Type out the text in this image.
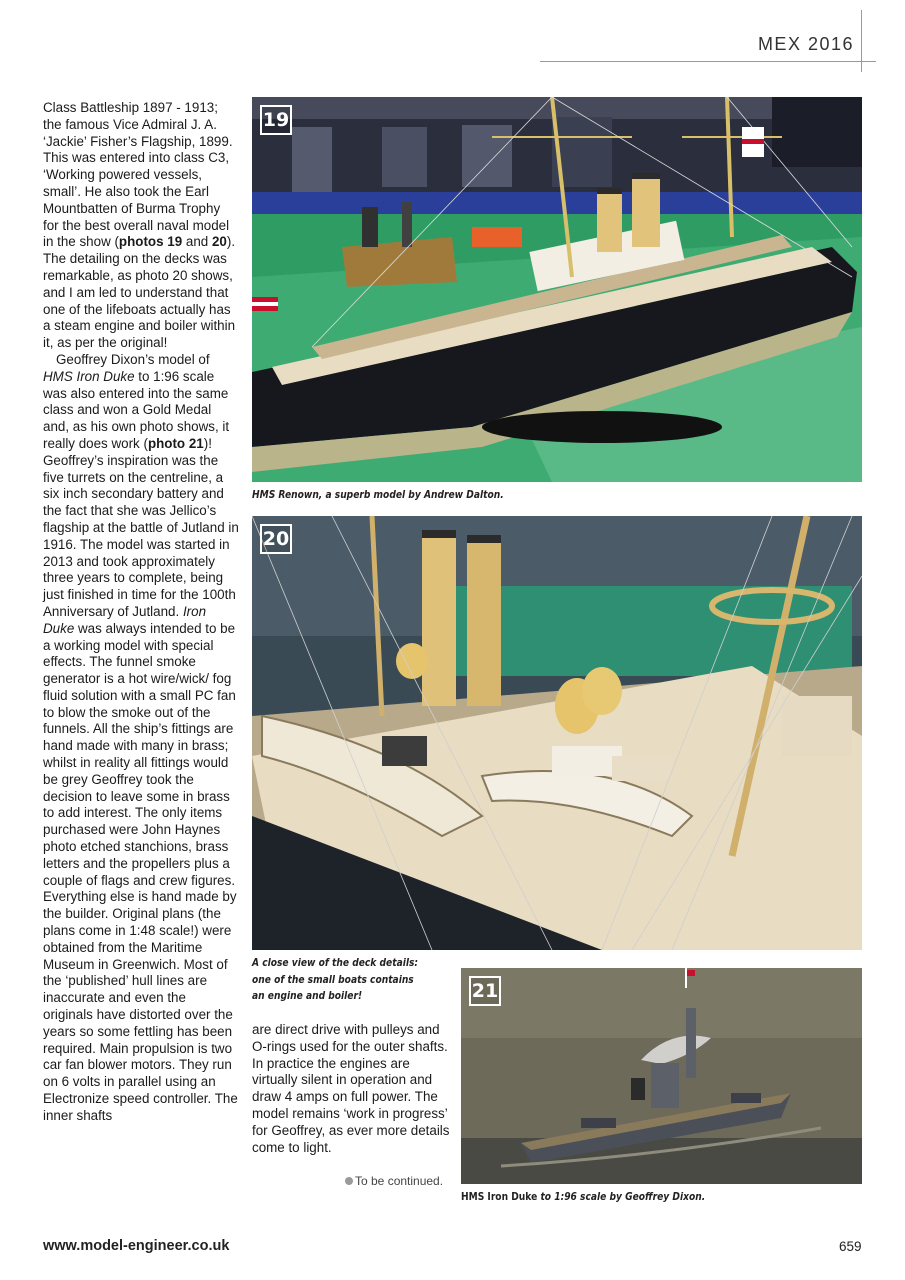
MEX 2016

Class Battleship 1897 - 1913; the famous Vice Admiral J. A. ‘Jackie’ Fisher’s Flagship, 1899. This was entered into class C3, ‘Working powered vessels, small’. He also took the Earl Mountbatten of Burma Trophy for the best overall naval model in the show (photos 19 and 20). The detailing on the decks was remarkable, as photo 20 shows, and I am led to understand that one of the lifeboats actually has a steam engine and boiler within it, as per the original!

Geoffrey Dixon’s model of HMS Iron Duke to 1:96 scale was also entered into the same class and won a Gold Medal and, as his own photo shows, it really does work (photo 21)! Geoffrey’s inspiration was the five turrets on the centreline, a six inch secondary battery and the fact that she was Jellico’s flagship at the battle of Jutland in 1916. The model was started in 2013 and took approximately three years to complete, being just finished in time for the 100th Anniversary of Jutland. Iron Duke was always intended to be a working model with special effects. The funnel smoke generator is a hot wire/wick/ fog fluid solution with a small PC fan to blow the smoke out of the funnels. All the ship’s fittings are hand made with many in brass; whilst in reality all fittings would be grey Geoffrey took the decision to leave some in brass to add interest. The only items purchased were John Haynes photo etched stanchions, brass letters and the propellers plus a couple of flags and crew figures. Everything else is hand made by the builder. Original plans (the plans come in 1:48 scale!) were obtained from the Maritime Museum in Greenwich. Most of the ‘published’ hull lines are inaccurate and even the originals have distorted over the years so some fettling has been required. Main propulsion is two car fan blower motors. They run on 6 volts in parallel using an Electronize speed controller. The inner shafts

19
HMS Renown, a superb model by Andrew Dalton.
20
A close view of the deck details: one of the small boats contains an engine and boiler!	21
HMS Iron Duke to 1:96 scale by Geoffrey Dixon.

are direct drive with pulleys and O-rings used for the outer shafts. In practice the engines are virtually silent in operation and draw 4 amps on full power. The model remains ‘work in progress’ for Geoffrey, as ever more details come to light.

To be continued.
www.model-engineer.co.uk	659
